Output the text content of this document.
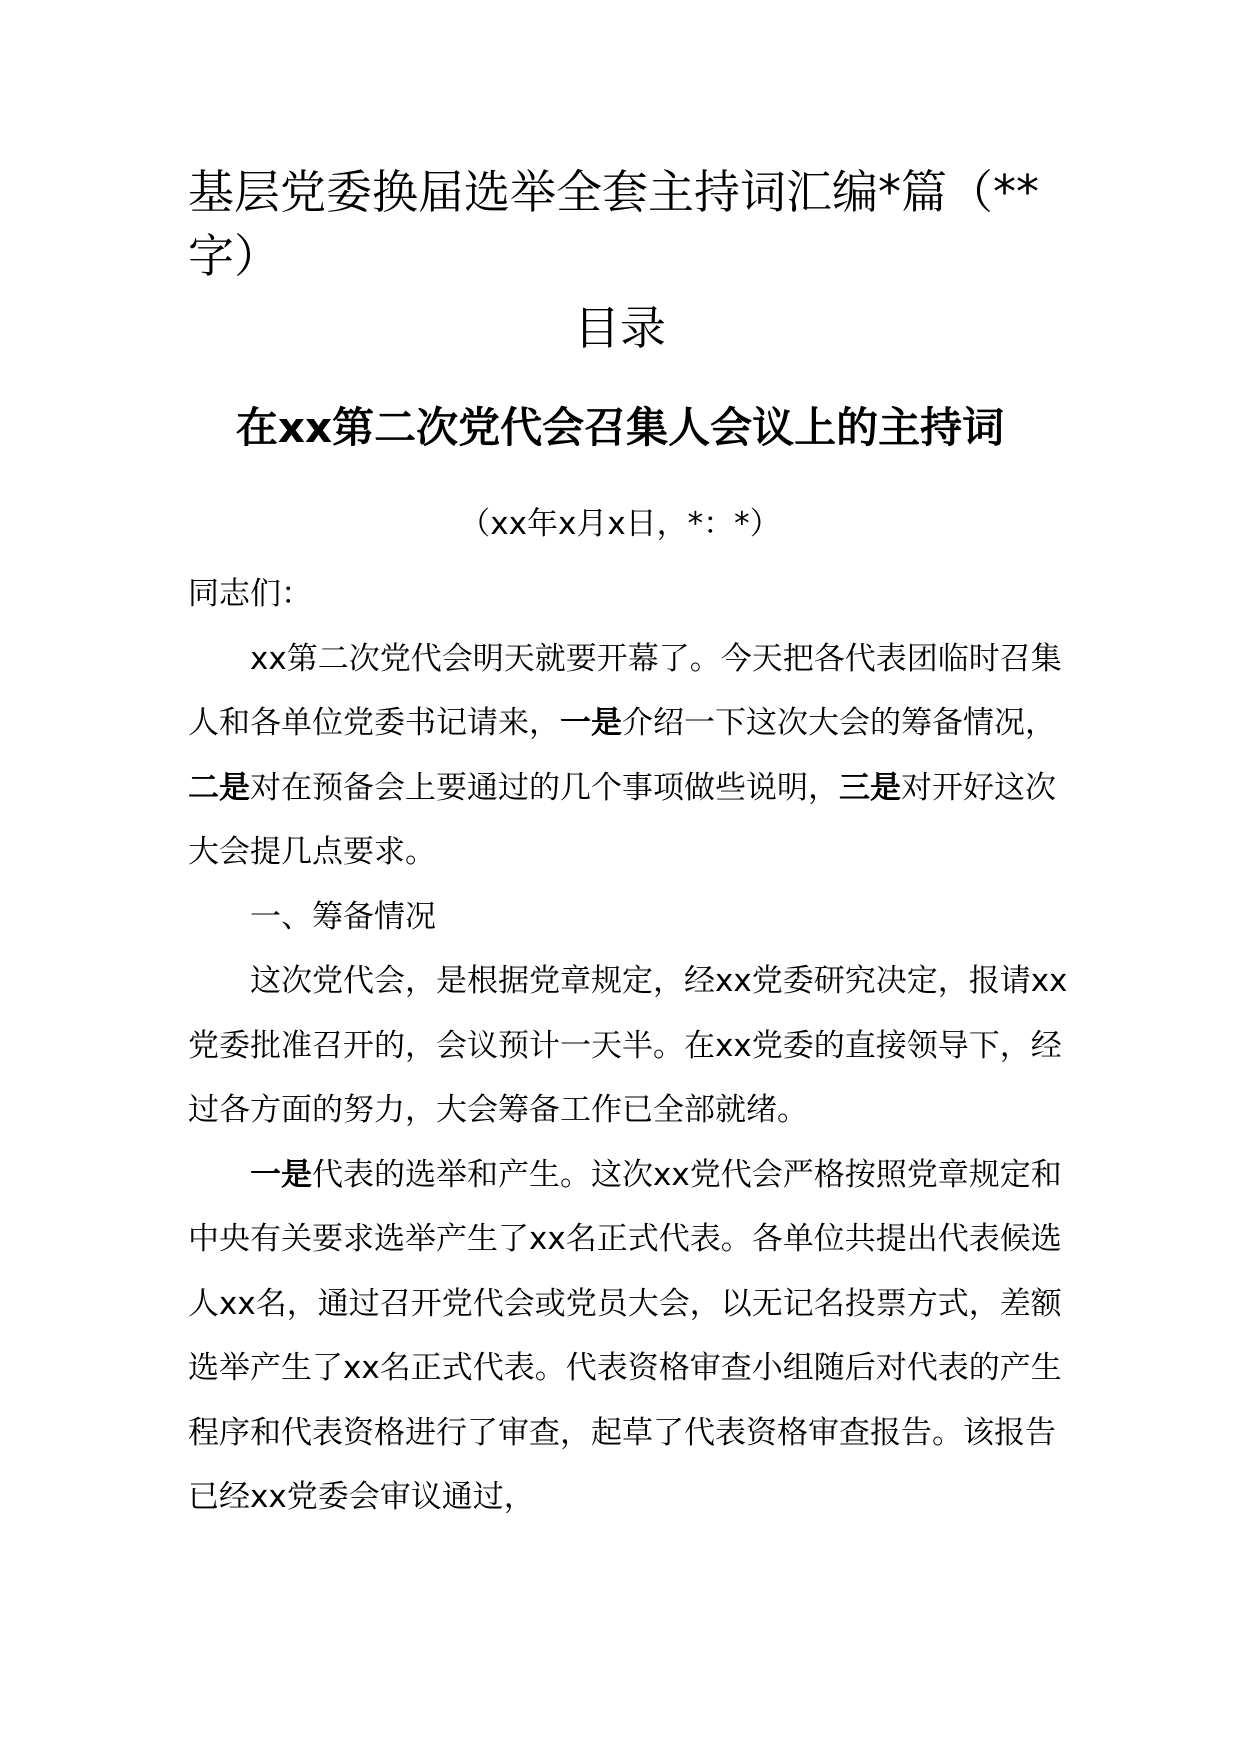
基层党委换届选举全套主持词汇编*篇（**字）
目录
在xx第二次党代会召集人会议上的主持词
（xx年x月x日，*：*）

同志们：

xx第二次党代会明天就要开幕了。今天把各代表团临时召集人和各单位党委书记请来，一是介绍一下这次大会的筹备情况，二是对在预备会上要通过的几个事项做些说明，三是对开好这次大会提几点要求。

一、筹备情况

这次党代会，是根据党章规定，经xx党委研究决定，报请xx党委批准召开的，会议预计一天半。在xx党委的直接领导下，经过各方面的努力，大会筹备工作已全部就绪。

一是代表的选举和产生。这次xx党代会严格按照党章规定和中央有关要求选举产生了xx名正式代表。各单位共提出代表候选人xx名，通过召开党代会或党员大会，以无记名投票方式，差额选举产生了xx名正式代表。代表资格审查小组随后对代表的产生程序和代表资格进行了审查，起草了代表资格审查报告。该报告已经xx党委会审议通过，
